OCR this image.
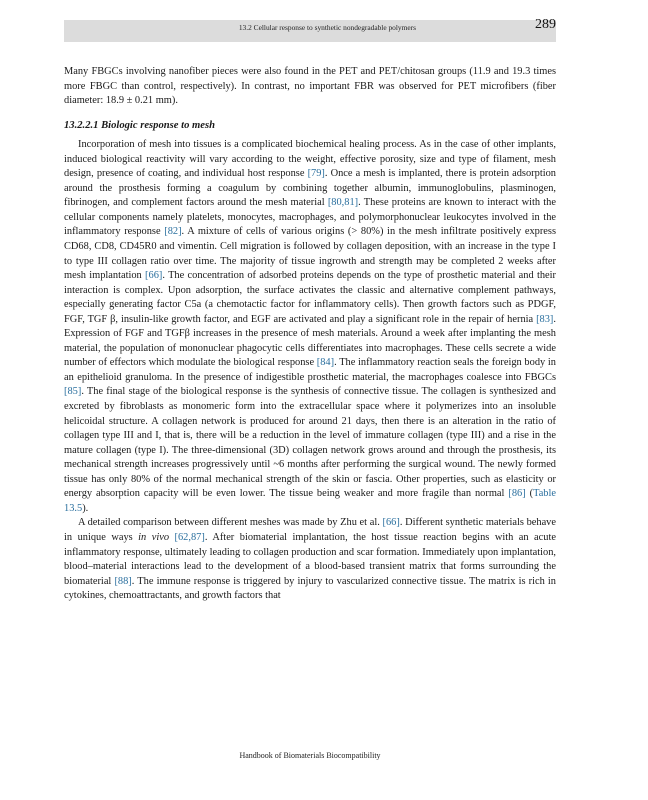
13.2 Cellular response to synthetic nondegradable polymers	289

Many FBGCs involving nanofiber pieces were also found in the PET and PET/chitosan groups (11.9 and 19.3 times more FBGC than control, respectively). In contrast, no important FBR was observed for PET microfibers (fiber diameter: 18.9 ± 0.21 mm).

13.2.2.1 Biologic response to mesh

Incorporation of mesh into tissues is a complicated biochemical healing process. As in the case of other implants, induced biological reactivity will vary according to the weight, effective porosity, size and type of filament, mesh design, presence of coating, and individual host response [79]. Once a mesh is implanted, there is protein adsorption around the prosthesis forming a coagulum by combining together albumin, immunoglobulins, plasminogen, fibrinogen, and complement factors around the mesh material [80,81]. These proteins are known to interact with the cellular components namely platelets, monocytes, macrophages, and polymorphonuclear leukocytes involved in the inflammatory response [82]. A mixture of cells of various origins (> 80%) in the mesh infiltrate positively express CD68, CD8, CD45R0 and vimentin. Cell migration is followed by collagen deposition, with an increase in the type I to type III collagen ratio over time. The majority of tissue ingrowth and strength may be completed 2 weeks after mesh implantation [66]. The concentration of adsorbed proteins depends on the type of prosthetic material and their interaction is complex. Upon adsorption, the surface activates the classic and alternative complement pathways, especially generating factor C5a (a chemotactic factor for inflammatory cells). Then growth factors such as PDGF, FGF, TGF β, insulin-like growth factor, and EGF are activated and play a significant role in the repair of hernia [83]. Expression of FGF and TGFβ increases in the presence of mesh materials. Around a week after implanting the mesh material, the population of mononuclear phagocytic cells differentiates into macrophages. These cells secrete a wide number of effectors which modulate the biological response [84]. The inflammatory reaction seals the foreign body in an epithelioid granuloma. In the presence of indigestible prosthetic material, the macrophages coalesce into FBGCs [85]. The final stage of the biological response is the synthesis of connective tissue. The collagen is synthesized and excreted by fibroblasts as monomeric form into the extracellular space where it polymerizes into an insoluble helicoidal structure. A collagen network is produced for around 21 days, then there is an alteration in the ratio of collagen type III and I, that is, there will be a reduction in the level of immature collagen (type III) and a rise in the mature collagen (type I). The three-dimensional (3D) collagen network grows around and through the prosthesis, its mechanical strength increases progressively until ~6 months after performing the surgical wound. The newly formed tissue has only 80% of the normal mechanical strength of the skin or fascia. Other properties, such as elasticity or energy absorption capacity will be even lower. The tissue being weaker and more fragile than normal [86] (Table 13.5).

A detailed comparison between different meshes was made by Zhu et al. [66]. Different synthetic materials behave in unique ways in vivo [62,87]. After biomaterial implantation, the host tissue reaction begins with an acute inflammatory response, ultimately leading to collagen production and scar formation. Immediately upon implantation, blood–material interactions lead to the development of a blood-based transient matrix that forms surrounding the biomaterial [88]. The immune response is triggered by injury to vascularized connective tissue. The matrix is rich in cytokines, chemoattractants, and growth factors that

Handbook of Biomaterials Biocompatibility
